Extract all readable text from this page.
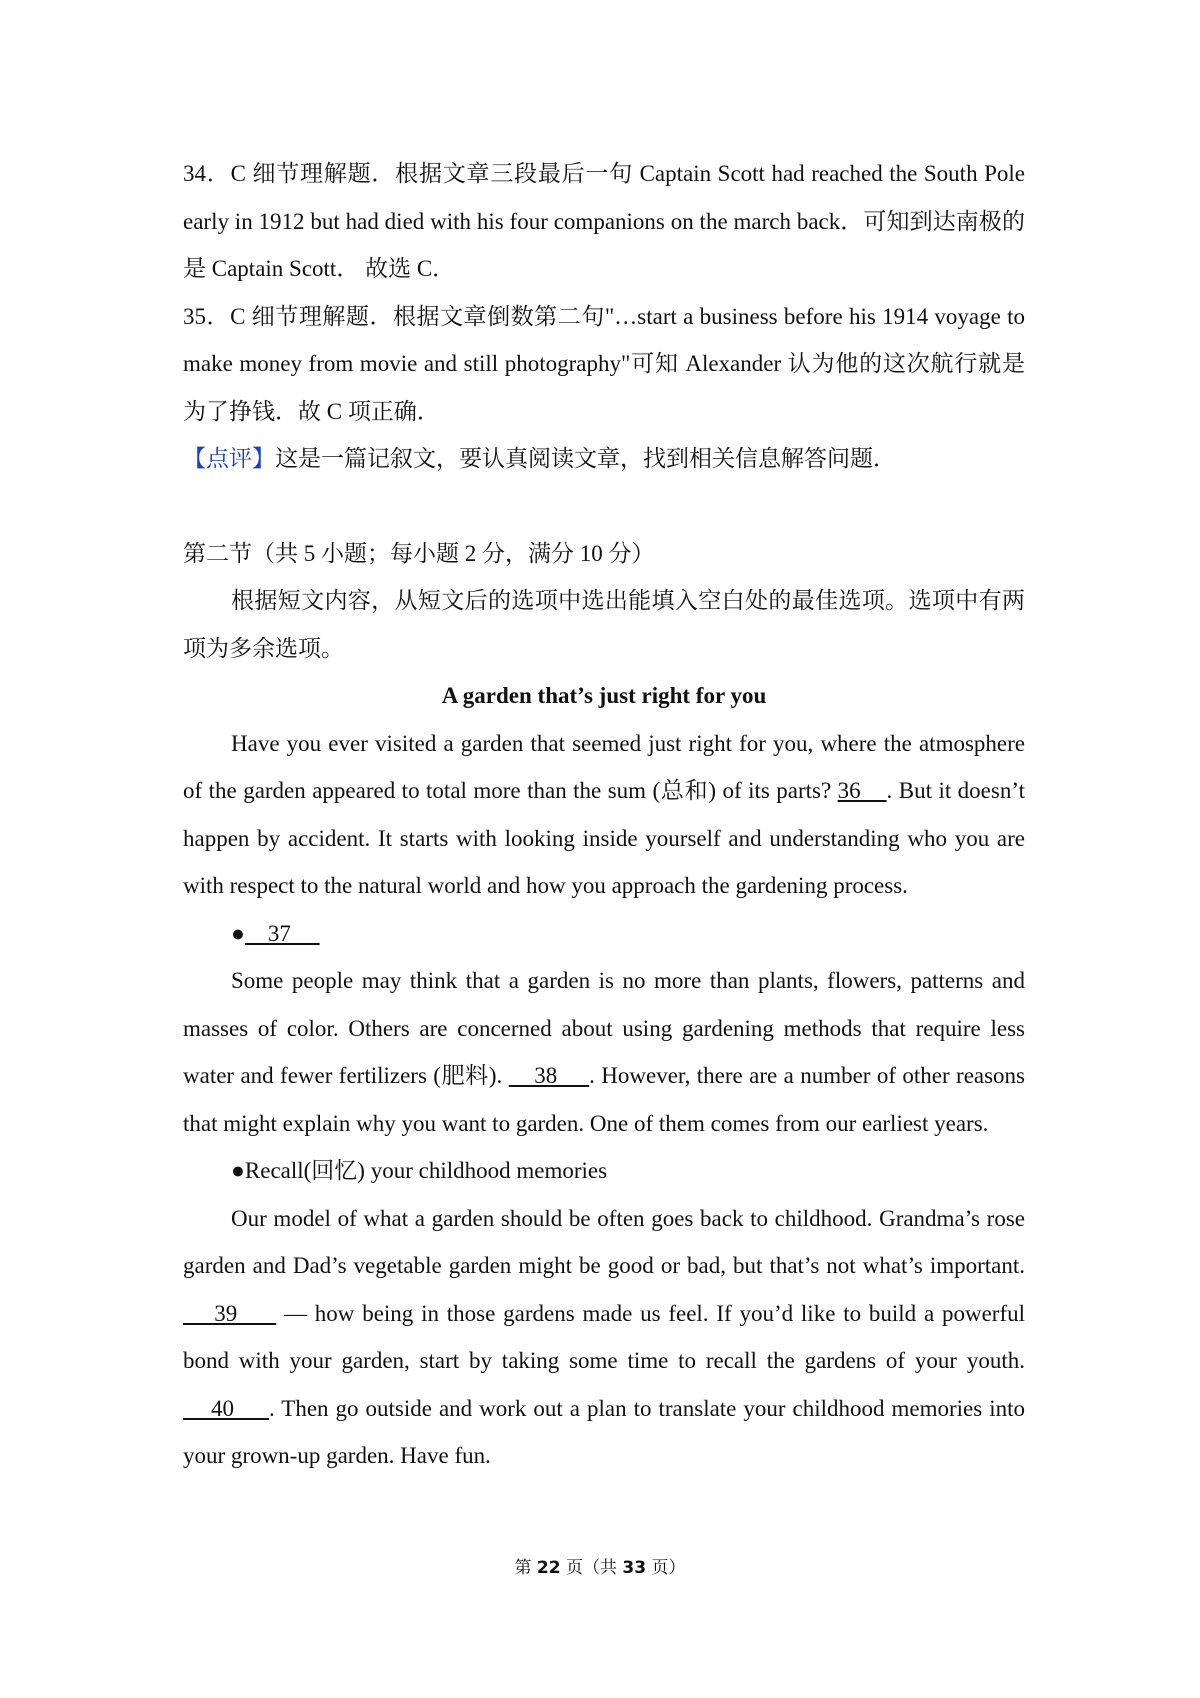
34．C 细节理解题．根据文章三段最后一句 Captain Scott had reached the South Pole early in 1912 but had died with his four companions on the march back．可知到达南极的是 Captain Scott． 故选 C．

35．C 细节理解题．根据文章倒数第二句"…start a business before his 1914 voyage to make money from movie and still photography"可知 Alexander 认为他的这次航行就是为了挣钱．故 C 项正确．

【点评】这是一篇记叙文，要认真阅读文章，找到相关信息解答问题．

第二节（共 5 小题；每小题 2 分，满分 10 分）

根据短文内容，从短文后的选项中选出能填入空白处的最佳选项。选项中有两项为多余选项。

A garden that’s just right for you

Have you ever visited a garden that seemed just right for you, where the atmosphere of the garden appeared to total more than the sum (总和) of its parts? 36    . But it doesn’t happen by accident. It starts with looking inside yourself and understanding who you are with respect to the natural world and how you approach the gardening process.

●    37

Some people may think that a garden is no more than plants, flowers, patterns and masses of color. Others are concerned about using gardening methods that require less water and fewer fertilizers (肥料).     38     . However, there are a number of other reasons that might explain why you want to garden. One of them comes from our earliest years.

●Recall(回忆) your childhood memories

Our model of what a garden should be often goes back to childhood. Grandma’s rose garden and Dad’s vegetable garden might be good or bad, but that’s not what’s important.     39      — how being in those gardens made us feel. If you’d like to build a powerful bond with your garden, start by taking some time to recall the gardens of your youth.     40     . Then go outside and work out a plan to translate your childhood memories into your grown-up garden. Have fun.

第 22 页（共 33 页）
